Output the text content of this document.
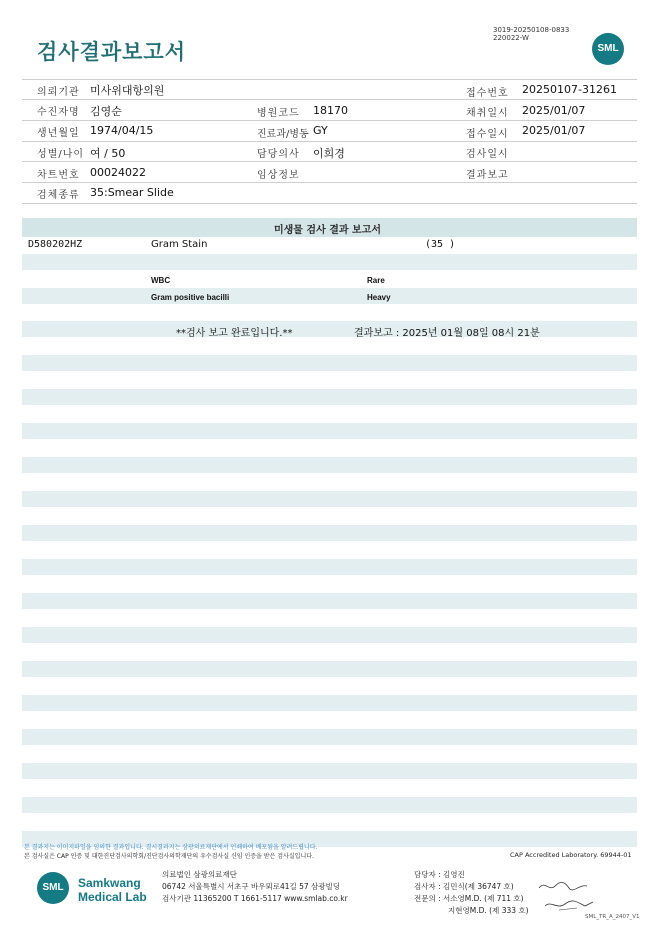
검사결과보고서
3019-20250108-0833
220022-W
SML
의뢰기관 미사위대항의원	접수번호 20250107-31261
수진자명 김영순	병원코드 18170	채취일시 2025/01/07
생년월일 1974/04/15	진료과/병동 GY	접수일시 2025/01/07
성별/나이 여 / 50	담당의사 이희경	검사일시
차트번호 00024022	임상정보	결과보고
검체종류 35:Smear Slide
미생물 검사 결과 보고서
D580202HZ	Gram Stain	(35 )
WBC	Rare
Gram positive bacilli	Heavy
**검사 보고 완료입니다.**	결과보고 : 2025년 01월 08일 08시 21분
본 결과지는 이미지파일을 임의한 결과입니다. 결시결과지는 삼광의료재단에서 인쇄하여 배포됨을 알려드립니다.
본 검사실은 CAP 인증 및 대한진단검사의학회/진단검사의학재단의 우수검사실 신임 인증을 받은 검사실입니다.	CAP Accredited Laboratory. 69944-01
SML	Samkwang
Medical Lab
의료법인 삼광의료재단
06742 서울특별시 서초구 바우뫼로41길 57 삼광빌딩
검사기관 11365200 T 1661-5117 www.smlab.co.kr
담당자 : 김영진
검사자 : 김민식(제 36747 호)
전문의 : 서소영M.D. (제 711 호)
지현영M.D. (제 333 호)
SML_TR_A_2407_V1
